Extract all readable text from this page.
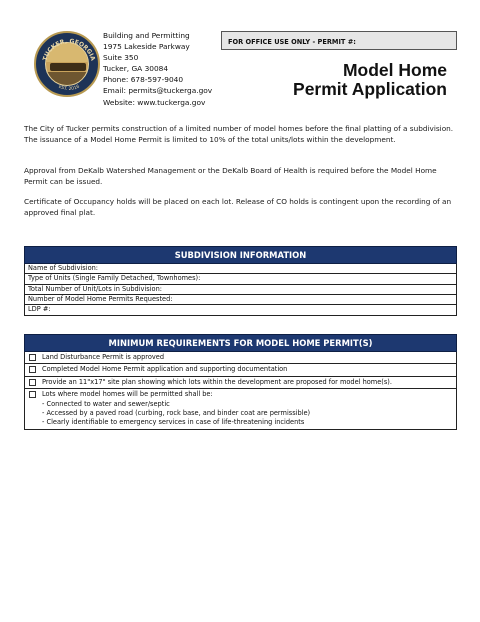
TUCKER, GEORGIA
EST. 2016
Building and Permitting
1975 Lakeside Parkway
Suite 350
Tucker, GA 30084
Phone: 678-597-9040
Email: permits@tuckerga.gov
Website: www.tuckerga.gov
FOR OFFICE USE ONLY - PERMIT #:
Model Home
Permit Application
The City of Tucker permits construction of a limited number of model homes before the final platting of a subdivision. The issuance of a Model Home Permit is limited to 10% of the total units/lots within the development.
Approval from DeKalb Watershed Management or the DeKalb Board of Health is required before the Model Home Permit can be issued.
Certificate of Occupancy holds will be placed on each lot. Release of CO holds is contingent upon the recording of an approved final plat.
SUBDIVISION INFORMATION
Name of Subdivision:
Type of Units (Single Family Detached, Townhomes):
Total Number of Unit/Lots in Subdivision:
Number of Model Home Permits Requested:
LDP #:
MINIMUM REQUIREMENTS FOR MODEL HOME PERMIT(S)
Land Disturbance Permit is approved
Completed Model Home Permit application and supporting documentation
Provide an 11"x17" site plan showing which lots within the development are proposed for model home(s).
Lots where model homes will be permitted shall be:
- Connected to water and sewer/septic
- Accessed by a paved road (curbing, rock base, and binder coat are permissible)
- Clearly identifiable to emergency services in case of life-threatening incidents
